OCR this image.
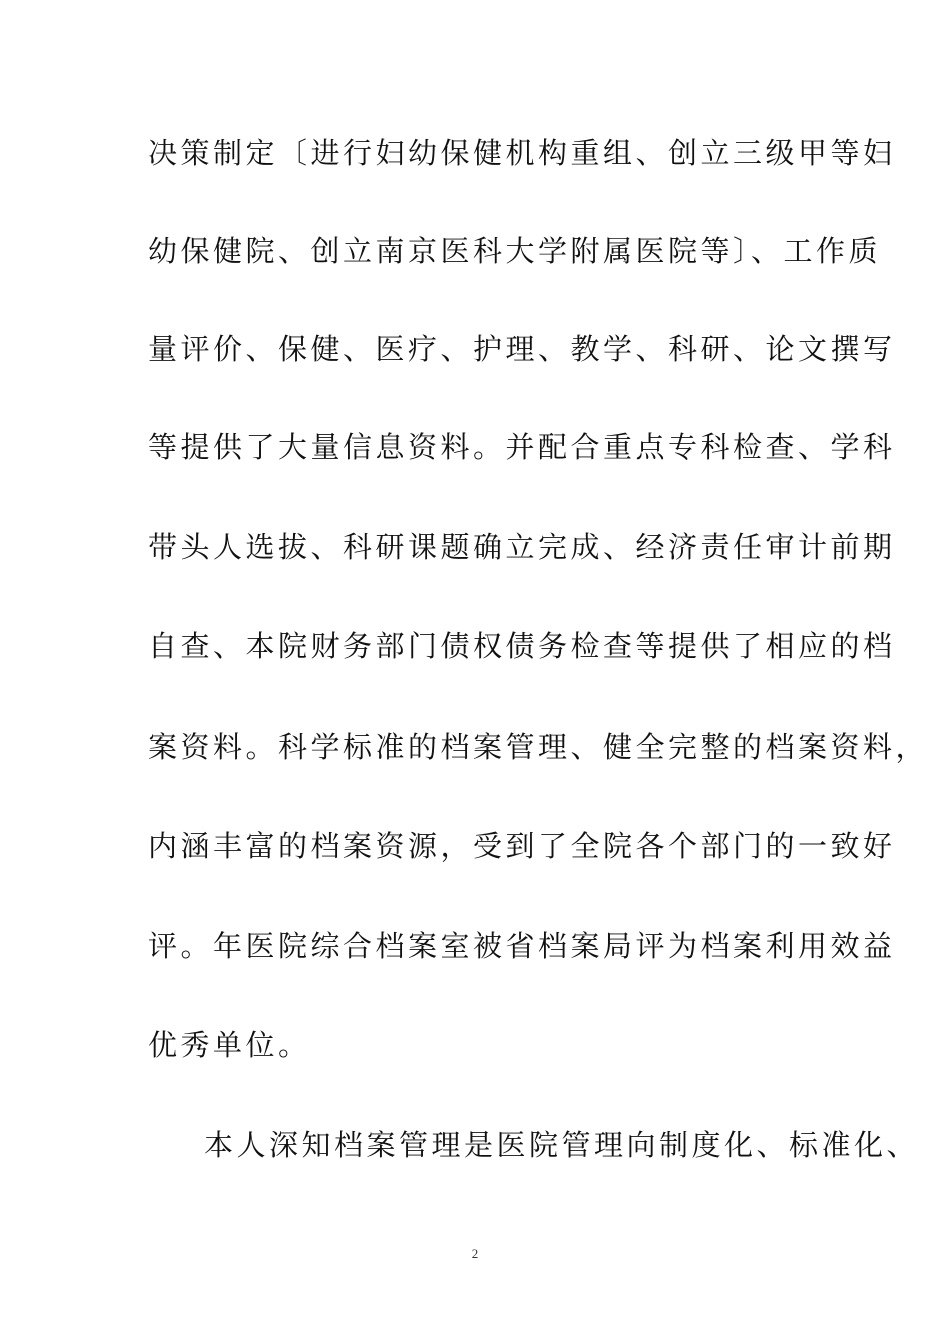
决策制定〔进行妇幼保健机构重组、创立三级甲等妇
幼保健院、创立南京医科大学附属医院等〕、工作质
量评价、保健、医疗、护理、教学、科研、论文撰写
等提供了大量信息资料。并配合重点专科检查、学科
带头人选拔、科研课题确立完成、经济责任审计前期
自查、本院财务部门债权债务检查等提供了相应的档
案资料。科学标准的档案管理、健全完整的档案资料，
内涵丰富的档案资源，受到了全院各个部门的一致好
评。年医院综合档案室被省档案局评为档案利用效益
优秀单位。
本人深知档案管理是医院管理向制度化、标准化、
2
